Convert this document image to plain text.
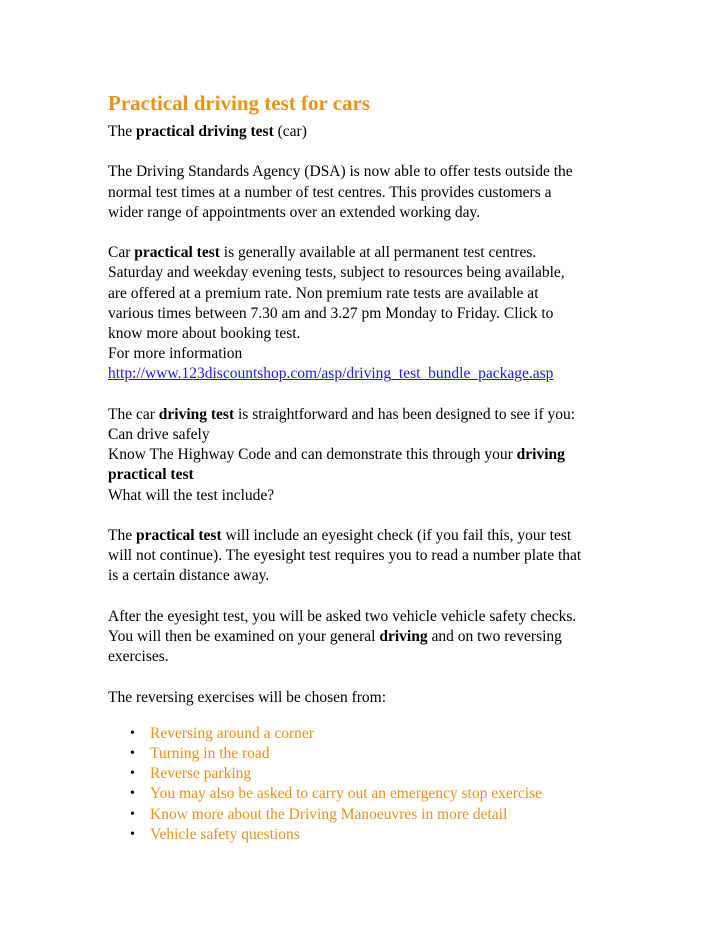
Practical driving test for cars

The practical driving test (car)

The Driving Standards Agency (DSA) is now able to offer tests outside the
normal test times at a number of test centres. This provides customers a
wider range of appointments over an extended working day.

Car practical test is generally available at all permanent test centres.
Saturday and weekday evening tests, subject to resources being available,
are offered at a premium rate. Non premium rate tests are available at
various times between 7.30 am and 3.27 pm Monday to Friday. Click to
know more about booking test.
For more information
http://www.123discountshop.com/asp/driving_test_bundle_package.asp

The car driving test is straightforward and has been designed to see if you:
Can drive safely
Know The Highway Code and can demonstrate this through your driving
practical test
What will the test include?

The practical test will include an eyesight check (if you fail this, your test
will not continue). The eyesight test requires you to read a number plate that
is a certain distance away.

After the eyesight test, you will be asked two vehicle vehicle safety checks.
You will then be examined on your general driving and on two reversing
exercises.

The reversing exercises will be chosen from:

• Reversing around a corner
• Turning in the road
• Reverse parking
• You may also be asked to carry out an emergency stop exercise
• Know more about the Driving Manoeuvres in more detail
• Vehicle safety questions
